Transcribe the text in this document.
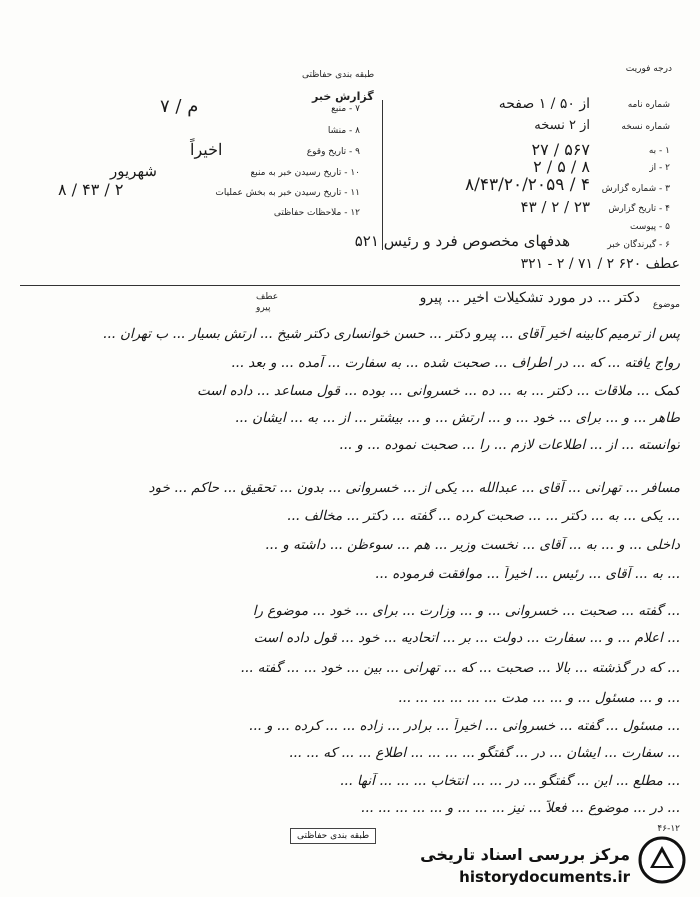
درجه فوریت
طبقه بندی حفاظتی
گزارش خبر
شماره نامه
از ۵۰ / ۱ صفحه
شماره نسخه
از ۲ نسخه
۱ - به
۲۷ / ۵۶۷
۲ - از
۲ / ۵ / ۸
۳ - شماره گزارش
۸/۴۳/۲۰/۲۰۵۹ / ۴
۴ - تاریخ گزارش
۴۳ / ۲ / ۲۳
۵ - پیوست
۶ - گیرندگان خبر
۵۲۱ هدفهای مخصوص فرد و رئیس
عطف ۶۲۰ ۲ / ۷۱ / ۲ - ۳۲۱
۷ - منبع
۷ / م
۸ - منشا
۹ - تاریخ وقوع
اخیراً
۱۰ - تاریخ رسیدن خبر به منبع
شهریور
۱۱ - تاریخ رسیدن خبر به بخش عملیات
۸ / ۴۳ / ۲
۱۲ - ملاحظات حفاظتی
عطف
پیرو	موضوع
دکتر ... در مورد تشکیلات اخیر ... پیرو
پس از ترمیم کابینه اخیر آقای ... پیرو دکتر ... حسن خوانساری دکتر شیخ ... ارتش بسیار ... ب تهران ...
رواج یافته ... که ... در اطراف ... صحبت شده ... به سفارت ... آمده ... و بعد ...
کمک ... ملاقات ... دکتر ... به ... ده ... خسروانی ... بوده ... قول مساعد ... داده است
طاهر ... و ... برای ... خود ... و ... ارتش ... و ... بیشتر ... از ... به ... ایشان ...
توانسته ... از ... اطلاعات لازم ... را ... صحبت نموده ... و ...
مسافر ... تهرانی ... آقای ... عبدالله ... یکی از ... خسروانی ... بدون ... تحقیق ... حاکم ... خود
... یکی ... به ... دکتر ... ... صحبت کرده ... گفته ... دکتر ... مخالف ...
داخلی ... و ... به ... آقای ... نخست وزیر ... هم ... سوءظن ... داشته و ...
... به ... آقای ... رئیس ... اخیراً ... موافقت فرموده ...
... گفته ... صحبت ... خسروانی ... و ... وزارت ... برای ... خود ... موضوع را
... اعلام ... و ... سفارت ... دولت ... بر ... اتحادیه ... خود ... قول داده است
... که در گذشته ... بالا ... صحبت ... که ... تهرانی ... بین ... خود ... ... گفته ...
... و ... مسئول ... و ... ... مدت ... ... ... ... ... ...
... مسئول ... گفته ... خسروانی ... اخیراً ... برادر ... زاده ... ... کرده ... و ...
... سفارت ... ایشان ... در ... گفتگو ... ... ... ... اطلاع ... ... که ... ...
... مطلع ... این ... گفتگو ... در ... ... انتخاب ... ... ... آنها ...
... در ... موضوع ... فعلاً ... نیز ... ... ... و ... ... ... ... ...
طبقه بندی حفاظتی
۴۶-۱۲
مرکز بررسی اسناد تاریخی
historydocuments.ir
